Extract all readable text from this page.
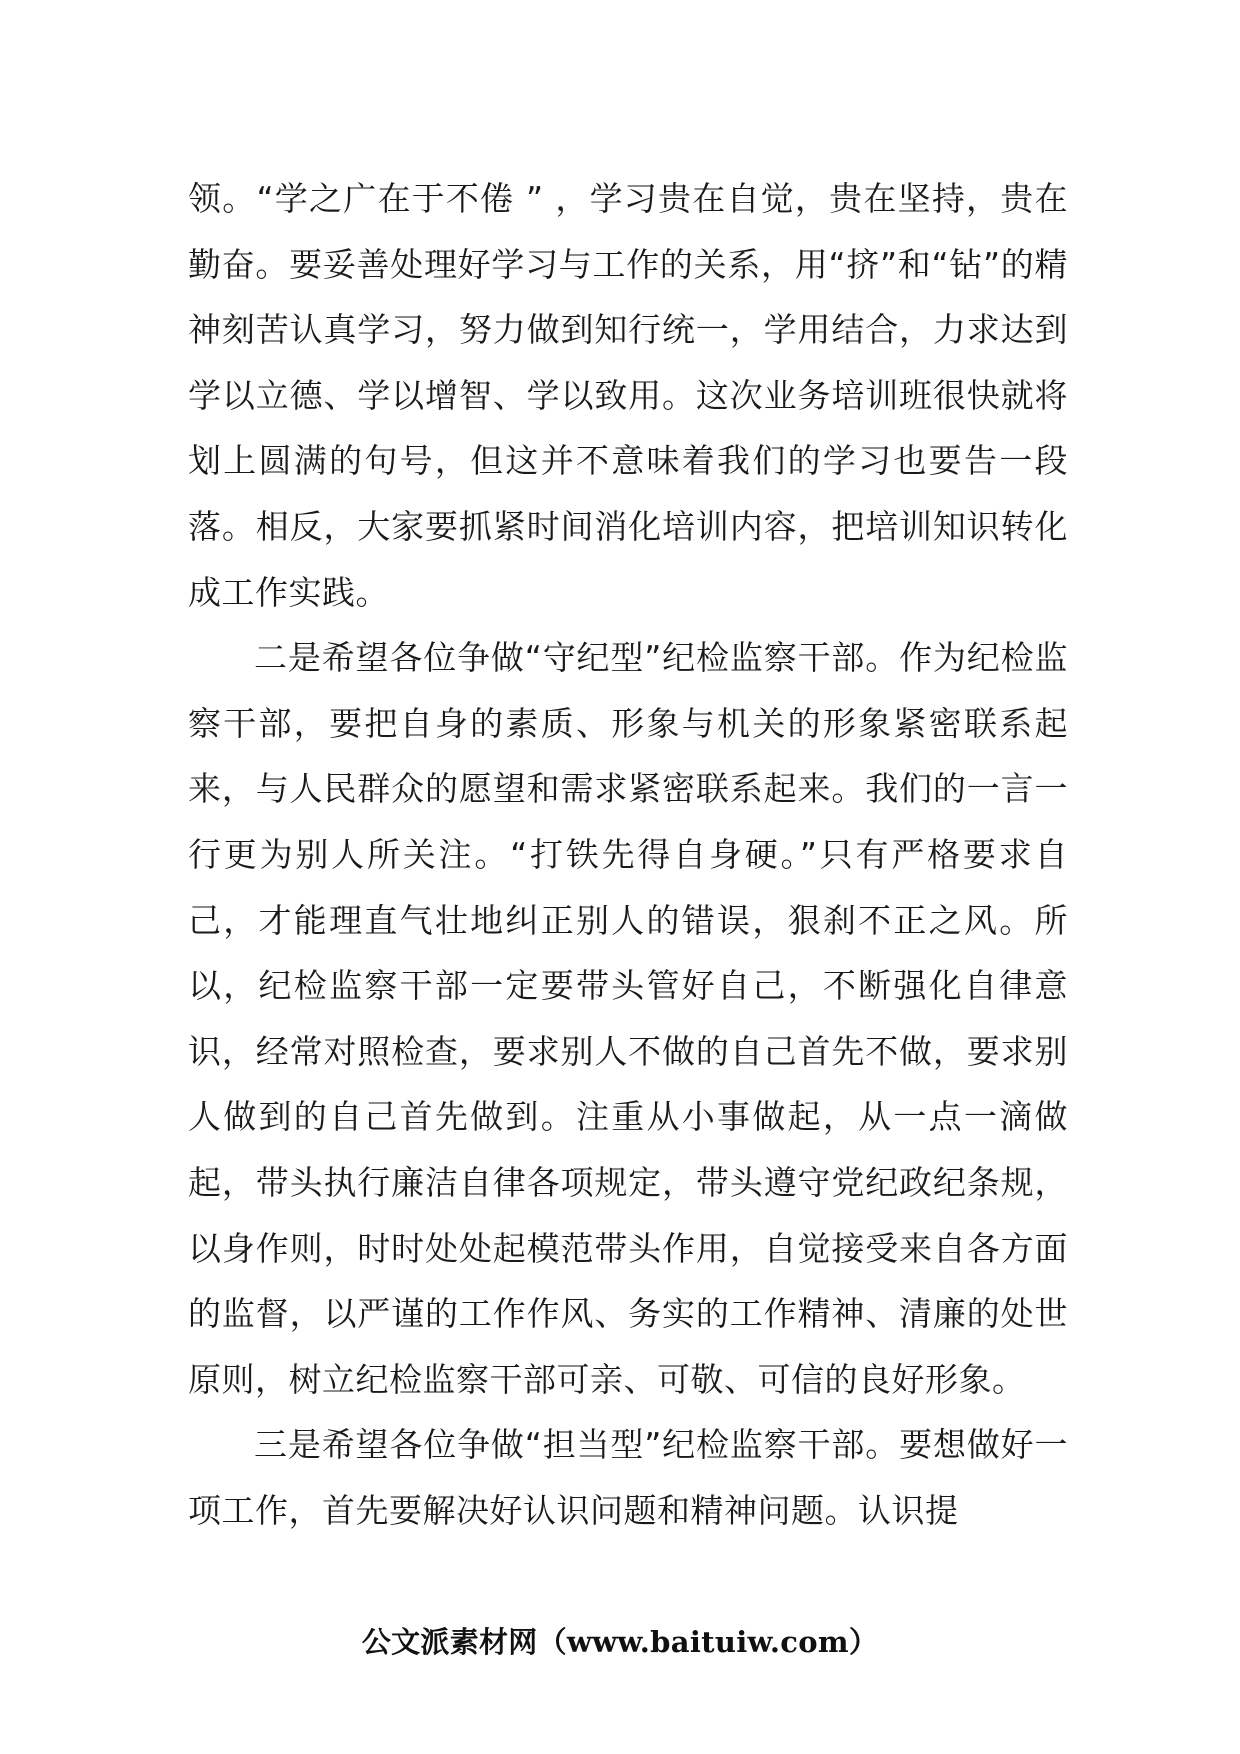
领。“学之广在于不倦 ” ，学习贵在自觉，贵在坚持，贵在勤奋。要妥善处理好学习与工作的关系，用“挤”和“钻”的精神刻苦认真学习，努力做到知行统一，学用结合，力求达到学以立德、学以增智、学以致用。这次业务培训班很快就将划上圆满的句号，但这并不意味着我们的学习也要告一段落。相反，大家要抓紧时间消化培训内容，把培训知识转化成工作实践。

二是希望各位争做“守纪型”纪检监察干部。作为纪检监察干部，要把自身的素质、形象与机关的形象紧密联系起来，与人民群众的愿望和需求紧密联系起来。我们的一言一行更为别人所关注。“打铁先得自身硬。”只有严格要求自己，才能理直气壮地纠正别人的错误，狠刹不正之风。所以，纪检监察干部一定要带头管好自己，不断强化自律意识，经常对照检查，要求别人不做的自己首先不做，要求别人做到的自己首先做到。注重从小事做起，从一点一滴做起，带头执行廉洁自律各项规定，带头遵守党纪政纪条规，以身作则，时时处处起模范带头作用，自觉接受来自各方面的监督，以严谨的工作作风、务实的工作精神、清廉的处世原则，树立纪检监察干部可亲、可敬、可信的良好形象。

三是希望各位争做“担当型”纪检监察干部。要想做好一项工作，首先要解决好认识问题和精神问题。认识提

公文派素材网（www.baituiw.com）
